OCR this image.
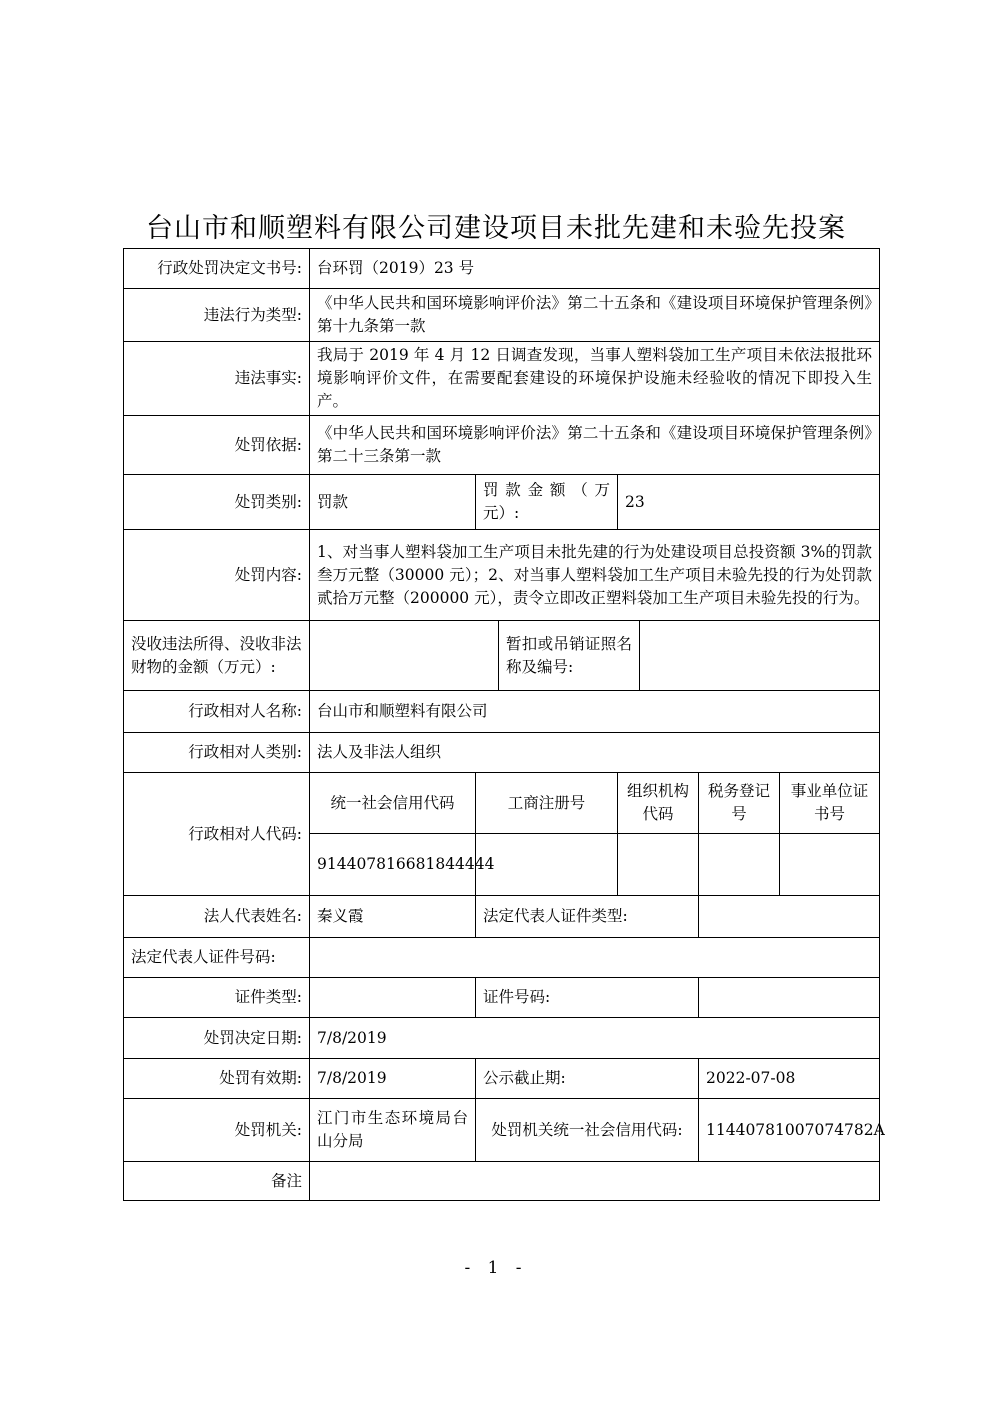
台山市和顺塑料有限公司建设项目未批先建和未验先投案
行政处罚决定文书号:	台环罚（2019）23 号						
违法行为类型:	《中华人民共和国环境影响评价法》第二十五条和《建设项目环境保护管理条例》第十九条第一款						
违法事实:	我局于 2019 年 4 月 12 日调查发现，当事人塑料袋加工生产项目未依法报批环境影响评价文件，在需要配套建设的环境保护设施未经验收的情况下即投入生产。						
处罚依据:	《中华人民共和国环境影响评价法》第二十五条和《建设项目环境保护管理条例》第二十三条第一款						
处罚类别:	罚款	罚款金额（万元）:		23			
处罚内容:	1、对当事人塑料袋加工生产项目未批先建的行为处建设项目总投资额 3%的罚款叁万元整（30000 元）；2、对当事人塑料袋加工生产项目未验先投的行为处罚款贰拾万元整（200000 元），责令立即改正塑料袋加工生产项目未验先投的行为。						
没收违法所得、没收非法财物的金额（万元）:			暂扣或吊销证照名称及编号:				
行政相对人名称:	台山市和顺塑料有限公司						
行政相对人类别:	法人及非法人组织						
行政相对人代码:	统一社会信用代码	工商注册号		组织机构代码		税务登记号	事业单位证书号
	914407816681844444						
法人代表姓名:	秦义霞	法定代表人证件类型:					
法定代表人证件号码:							
证件类型:		证件号码:					
处罚决定日期:	7/8/2019						
处罚有效期:	7/8/2019	公示截止期:				2022-07-08	
处罚机关:	江门市生态环境局台山分局	处罚机关统一社会信用代码:				11440781007074782A	
备注							
- 1 -
